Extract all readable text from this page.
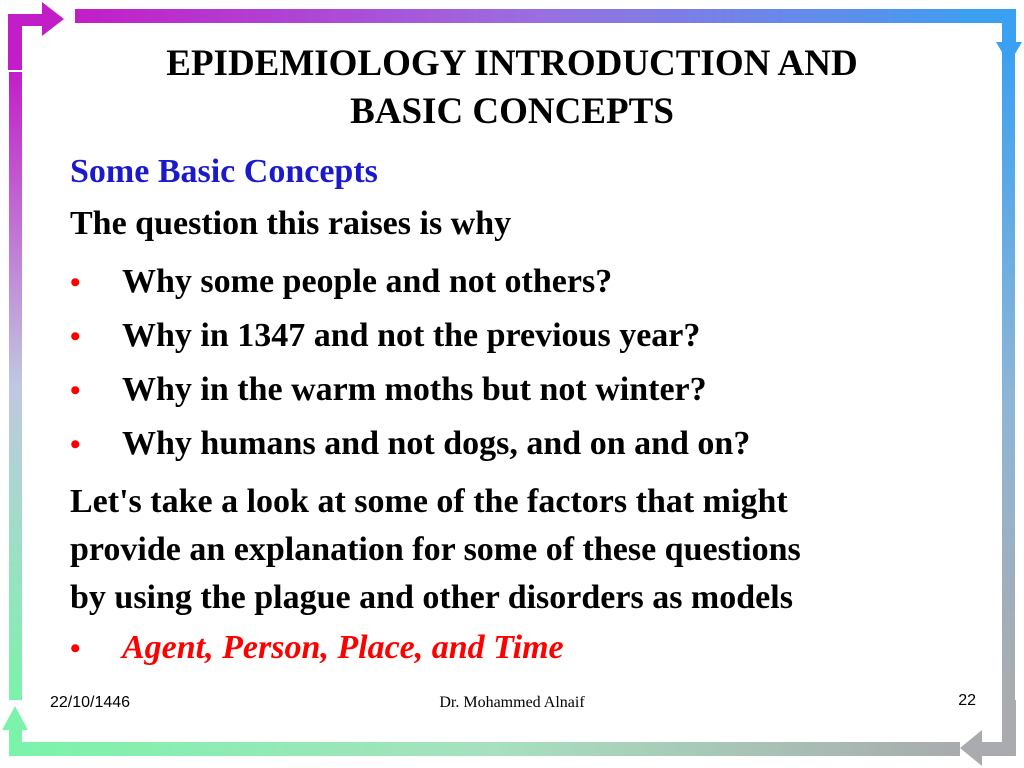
EPIDEMIOLOGY INTRODUCTION AND
BASIC CONCEPTS
Some Basic Concepts
The question this raises is why
•	Why some people and not others?
•	Why in 1347 and not the previous year?
•	Why in the warm moths but not winter?
•	Why humans and not dogs, and on and on?
Let's take a look at some of the factors that might
provide an explanation for some of these questions
by using the plague and other disorders as models
•	Agent, Person, Place, and Time
22/10/1446	Dr. Mohammed Alnaif	22
